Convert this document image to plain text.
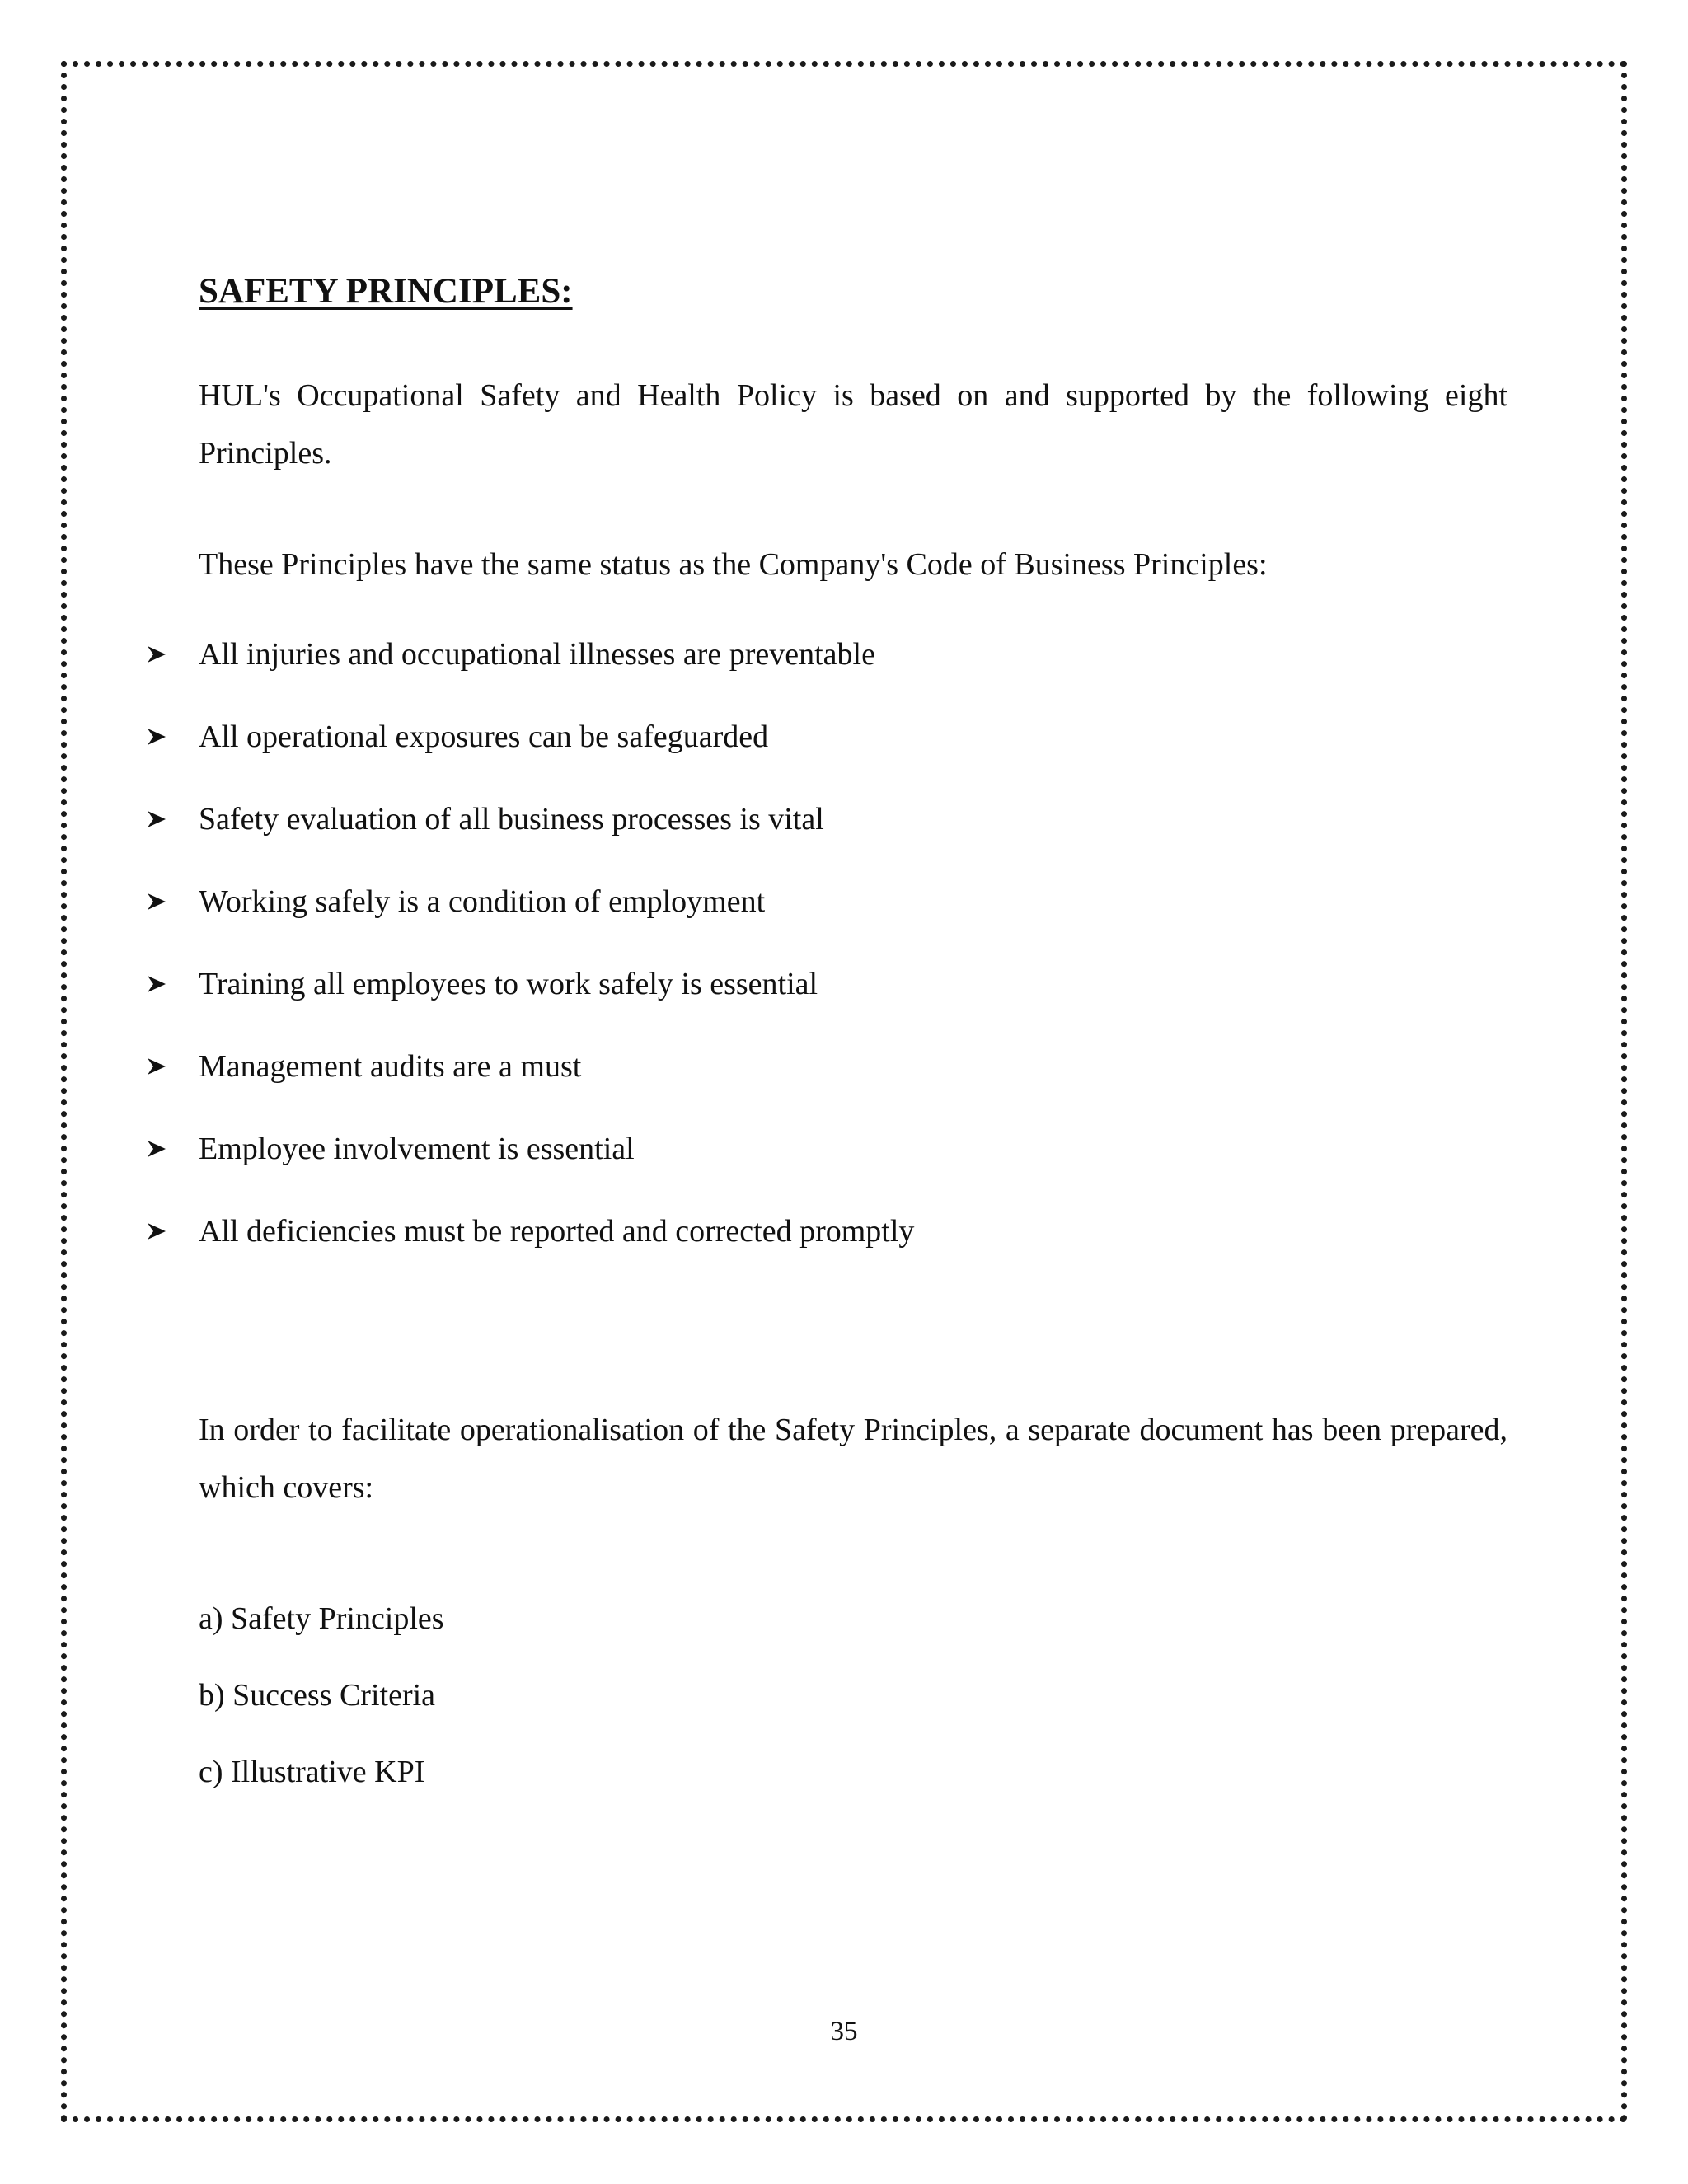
SAFETY PRINCIPLES:

HUL's Occupational Safety and Health Policy is based on and supported by the following eight Principles.

These Principles have the same status as the Company's Code of Business Principles:

All injuries and occupational illnesses are preventable
All operational exposures can be safeguarded
Safety evaluation of all business processes is vital
Working safely is a condition of employment
Training all employees to work safely is essential
Management audits are a must
Employee involvement is essential
All deficiencies must be reported and corrected promptly

In order to facilitate operationalisation of the Safety Principles, a separate document has been prepared, which covers:

a) Safety Principles

b) Success Criteria

c) Illustrative KPI

35
